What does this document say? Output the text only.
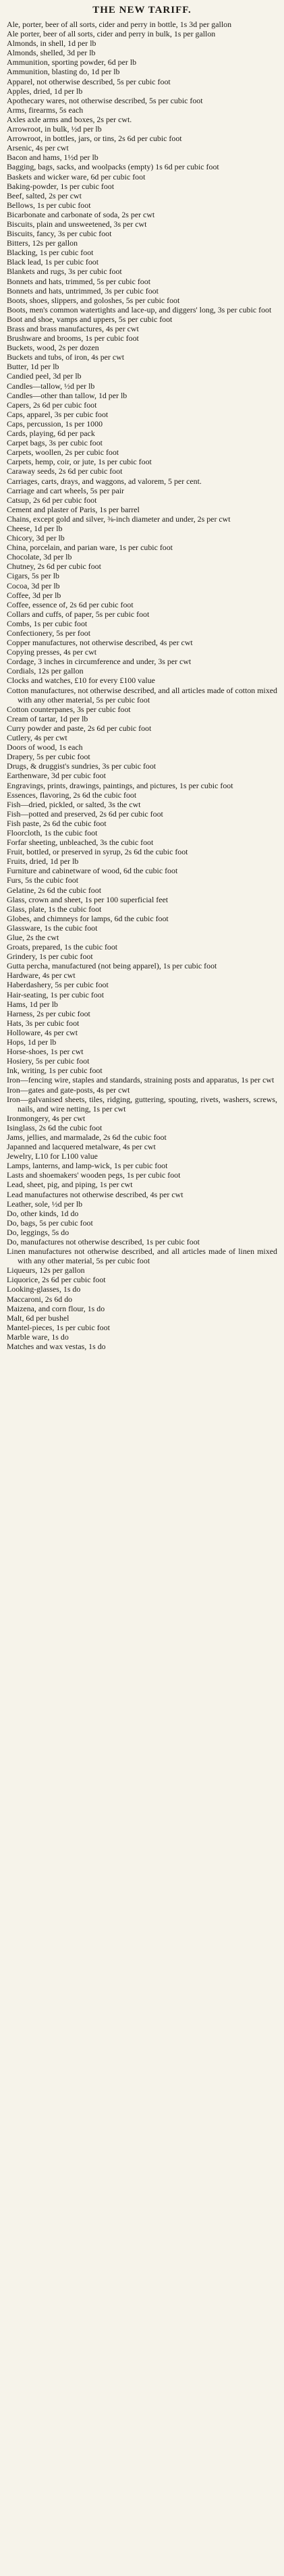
THE NEW TARIFF.
Ale, porter, beer of all sorts, cider and perry in bottle, 1s 3d per gallon
Ale porter, beer of all sorts, cider and perry in bulk, 1s per gallon
Almonds, in shell, 1d per lb
Almonds, shelled, 3d per lb
Ammunition, sporting powder, 6d per lb
Ammunition, blasting do, 1d per lb
Apparel, not otherwise described, 5s per cubic foot
Apples, dried, 1d per lb
Apothecary wares, not otherwise described, 5s per cubic foot
Arms, firearms, 5s each
Axles axle arms and boxes, 2s per cwt.
Arrowroot, in bulk, ½d per lb
Arrowroot, in bottles, jars, or tins, 2s 6d per cubic foot
Arsenic, 4s per cwt
Bacon and hams, 1½d per lb
Bagging, bags, sacks, and woolpacks (empty) 1s 6d per cubic foot
Baskets and wicker ware, 6d per cubic foot
Baking-powder, 1s per cubic foot
Beef, salted, 2s per cwt
Bellows, 1s per cubic foot
Bicarbonate and carbonate of soda, 2s per cwt
Biscuits, plain and unsweetened, 3s per cwt
Biscuits, fancy, 3s per cubic foot
Bitters, 12s per gallon
Blacking, 1s per cubic foot
Black lead, 1s per cubic foot
Blankets and rugs, 3s per cubic foot
Bonnets and hats, trimmed, 5s per cubic foot
Bonnets and hats, untrimmed, 3s per cubic foot
Boots, shoes, slippers, and goloshes, 5s per cubic foot
Boots, men's common watertights and lace-up, and diggers' long, 3s per cubic foot
Boot and shoe, vamps and uppers, 5s per cubic foot
Brass and brass manufactures, 4s per cwt
Brushware and brooms, 1s per cubic foot
Buckets, wood, 2s per dozen
Buckets and tubs, of iron, 4s per cwt
Butter, 1d per lb
Candied peel, 3d per lb
Candles—tallow, ½d per lb
Candles—other than tallow, 1d per lb
Capers, 2s 6d per cubic foot
Caps, apparel, 3s per cubic foot
Caps, percussion, 1s per 1000
Cards, playing, 6d per pack
Carpet bags, 3s per cubic foot
Carpets, woollen, 2s per cubic foot
Carpets, hemp, coir, or jute, 1s per cubic foot
Caraway seeds, 2s 6d per cubic foot
Carriages, carts, drays, and waggons, ad valorem, 5 per cent.
Carriage and cart wheels, 5s per pair
Catsup, 2s 6d per cubic foot
Cement and plaster of Paris, 1s per barrel
Chains, except gold and silver, ⅜-inch diameter and under, 2s per cwt
Cheese, 1d per lb
Chicory, 3d per lb
China, porcelain, and parian ware, 1s per cubic foot
Chocolate, 3d per lb
Chutney, 2s 6d per cubic foot
Cigars, 5s per lb
Cocoa, 3d per lb
Coffee, 3d per lb
Coffee, essence of, 2s 6d per cubic foot
Collars and cuffs, of paper, 5s per cubic foot
Combs, 1s per cubic foot
Confectionery, 5s per foot
Copper manufactures, not otherwise described, 4s per cwt
Copying presses, 4s per cwt
Cordage, 3 inches in circumference and under, 3s per cwt
Cordials, 12s per gallon
Clocks and watches, £10 for every £100 value
Cotton manufactures, not otherwise described, and all articles made of cotton mixed with any other material, 5s per cubic foot
Cotton counterpanes, 3s per cubic foot
Cream of tartar, 1d per lb
Curry powder and paste, 2s 6d per cubic foot
Cutlery, 4s per cwt
Doors of wood, 1s each
Drapery, 5s per cubic foot
Drugs, & druggist's sundries, 3s per cubic foot
Earthenware, 3d per cubic foot
Engravings, prints, drawings, paintings, and pictures, 1s per cubic foot
Essences, flavoring, 2s 6d the cubic foot
Fish—dried, pickled, or salted, 3s the cwt
Fish—potted and preserved, 2s 6d per cubic foot
Fish paste, 2s 6d the cubic foot
Floorcloth, 1s the cubic foot
Forfar sheeting, unbleached, 3s the cubic foot
Fruit, bottled, or preserved in syrup, 2s 6d the cubic foot
Fruits, dried, 1d per lb
Furniture and cabinetware of wood, 6d the cubic foot
Furs, 5s the cubic foot
Gelatine, 2s 6d the cubic foot
Glass, crown and sheet, 1s per 100 superficial feet
Glass, plate, 1s the cubic foot
Globes, and chimneys for lamps, 6d the cubic foot
Glassware, 1s the cubic foot
Glue, 2s the cwt
Groats, prepared, 1s the cubic foot
Grindery, 1s per cubic foot
Gutta percha, manufactured (not being apparel), 1s per cubic foot
Hardware, 4s per cwt
Haberdashery, 5s per cubic foot
Hair-seating, 1s per cubic foot
Hams, 1d per lb
Harness, 2s per cubic foot
Hats, 3s per cubic foot
Holloware, 4s per cwt
Hops, 1d per lb
Horse-shoes, 1s per cwt
Hosiery, 5s per cubic foot
Ink, writing, 1s per cubic foot
Iron—fencing wire, staples and standards, straining posts and apparatus, 1s per cwt
Iron—gates and gate-posts, 4s per cwt
Iron—galvanised sheets, tiles, ridging, guttering, spouting, rivets, washers, screws, nails, and wire netting, 1s per cwt
Ironmongery, 4s per cwt
Isinglass, 2s 6d the cubic foot
Jams, jellies, and marmalade, 2s 6d the cubic foot
Japanned and lacquered metalware, 4s per cwt
Jewelry, L10 for L100 value
Lamps, lanterns, and lamp-wick, 1s per cubic foot
Lasts and shoemakers' wooden pegs, 1s per cubic foot
Lead, sheet, pig, and piping, 1s per cwt
Lead manufactures not otherwise described, 4s per cwt
Leather, sole, ½d per lb
Do, other kinds, 1d do
Do, bags, 5s per cubic foot
Do, leggings, 5s do
Do, manufactures not otherwise described, 1s per cubic foot
Linen manufactures not otherwise described, and all articles made of linen mixed with any other material, 5s per cubic foot
Liqueurs, 12s per gallon
Liquorice, 2s 6d per cubic foot
Looking-glasses, 1s do
Maccaroni, 2s 6d do
Maizena, and corn flour, 1s do
Malt, 6d per bushel
Mantel-pieces, 1s per cubic foot
Marble ware, 1s do
Matches and wax vestas, 1s do
